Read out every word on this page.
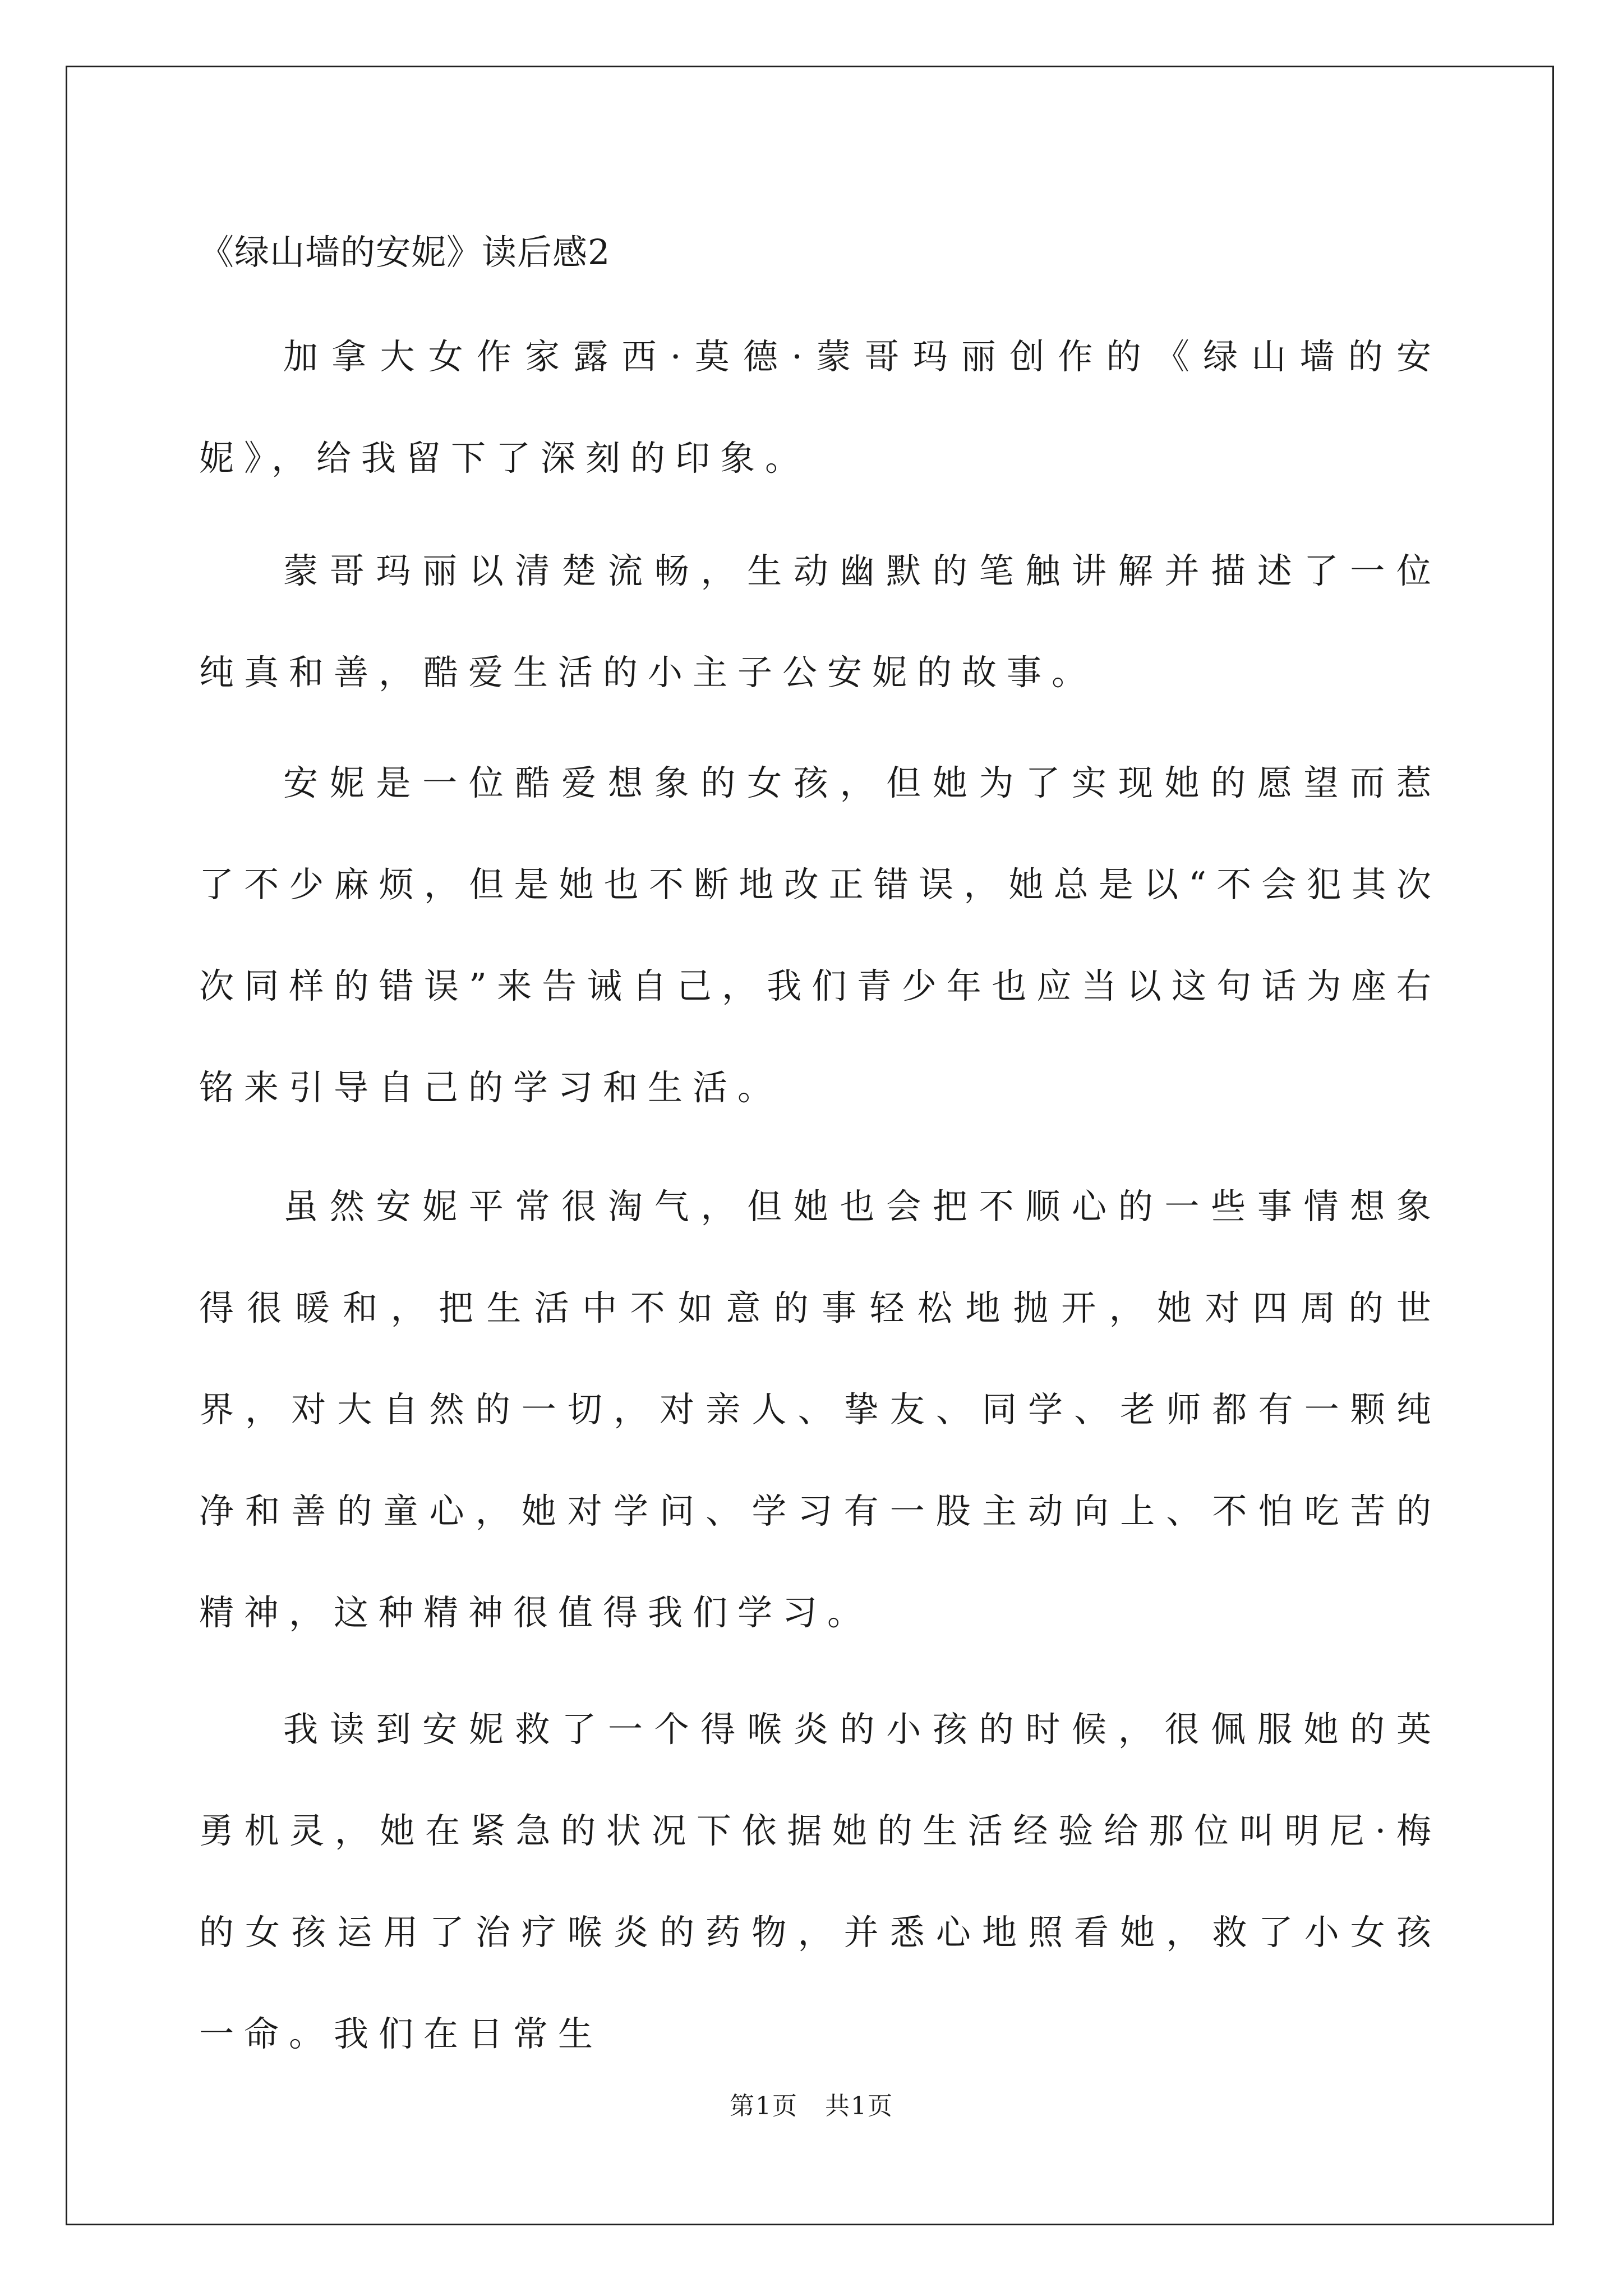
《绿山墙的安妮》读后感2

加拿大女作家露西·莫德·蒙哥玛丽创作的《绿山墙的安妮》，给我留下了深刻的印象。

蒙哥玛丽以清楚流畅，生动幽默的笔触讲解并描述了一位纯真和善，酷爱生活的小主子公安妮的故事。

安妮是一位酷爱想象的女孩，但她为了实现她的愿望而惹了不少麻烦，但是她也不断地改正错误，她总是以“不会犯其次次同样的错误”来告诫自己，我们青少年也应当以这句话为座右铭来引导自己的学习和生活。

虽然安妮平常很淘气，但她也会把不顺心的一些事情想象得很暖和，把生活中不如意的事轻松地抛开，她对四周的世界，对大自然的一切，对亲人、挚友、同学、老师都有一颗纯净和善的童心，她对学问、学习有一股主动向上、不怕吃苦的精神，这种精神很值得我们学习。

我读到安妮救了一个得喉炎的小孩的时候，很佩服她的英勇机灵，她在紧急的状况下依据她的生活经验给那位叫明尼·梅的女孩运用了治疗喉炎的药物，并悉心地照看她，救了小女孩一命。我们在日常生

第1页 共1页
